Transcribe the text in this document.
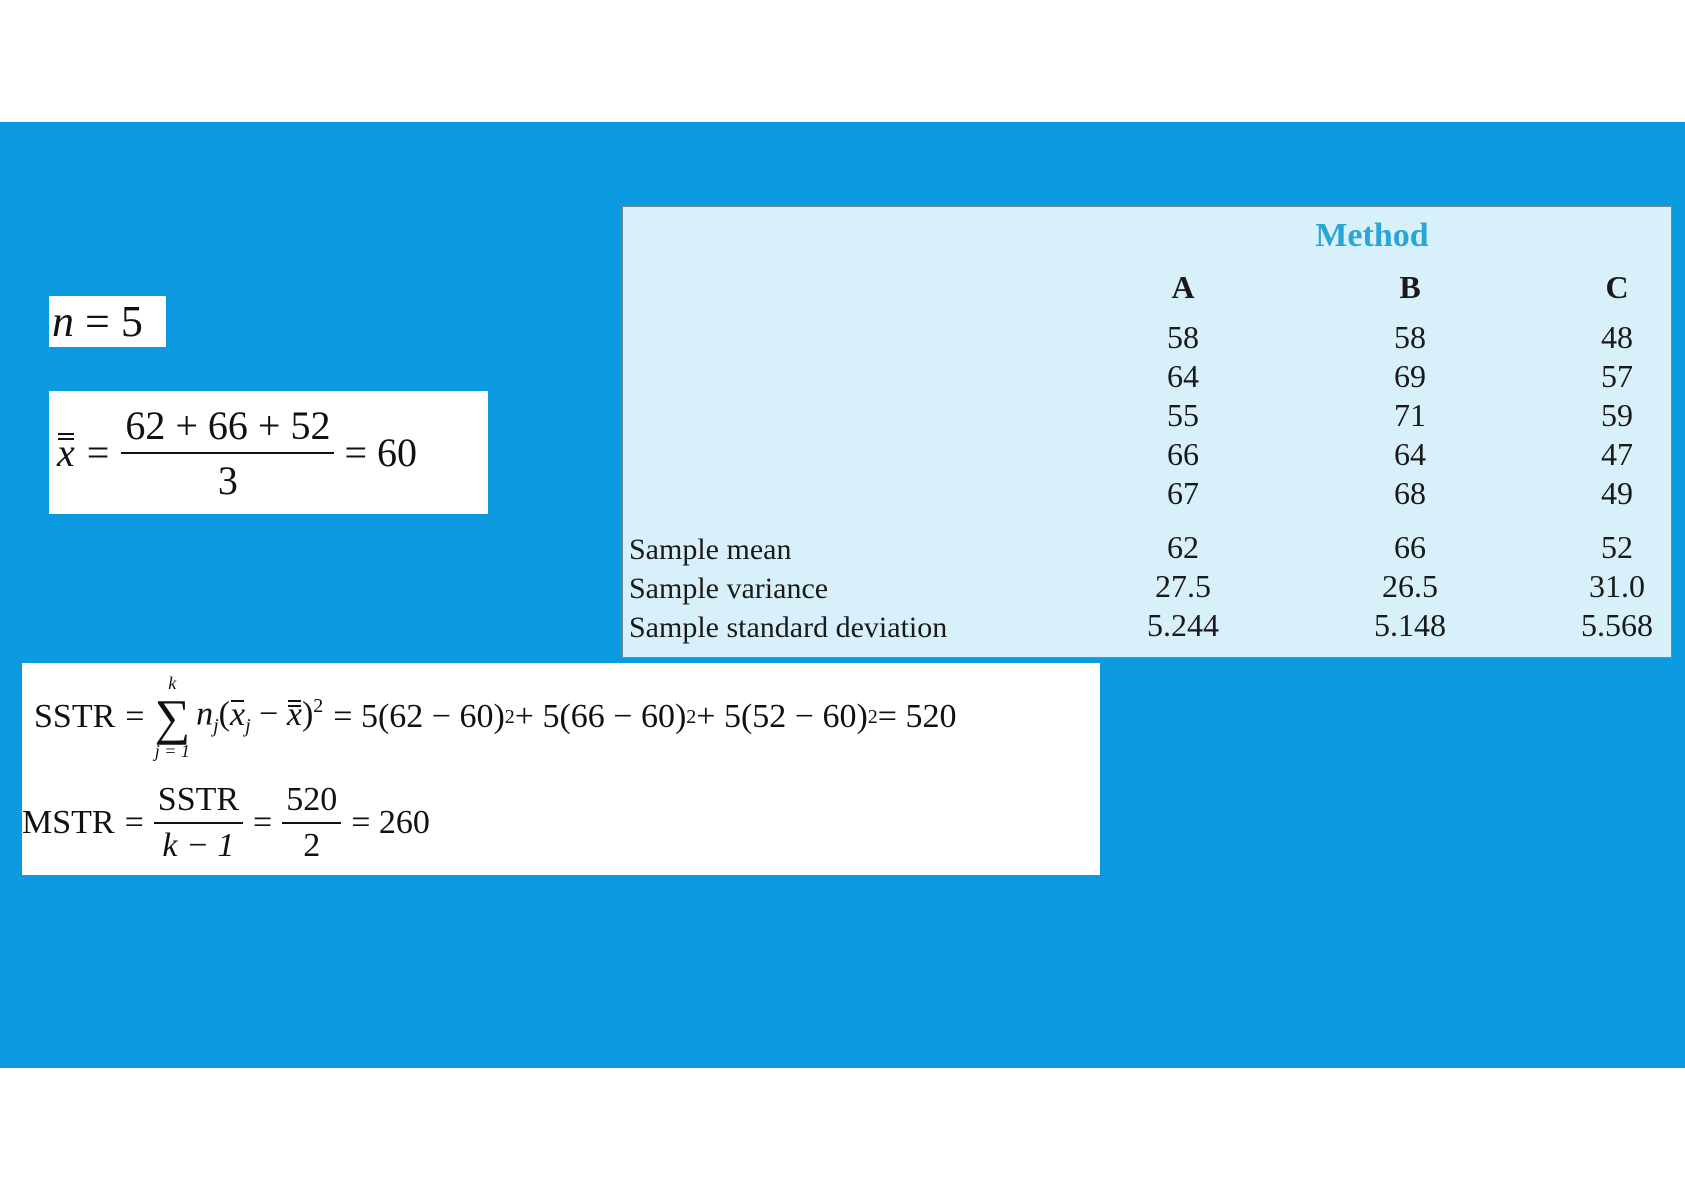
n = 5
$x = \frac{62 + 66 + 52}{3} = 60$
Method
A
58
64
55
66
67
62
27.5
5.244
B
58
69
71
64
68
66
26.5
5.148
C
48
57
59
47
49
52
31.0
5.568
Sample mean
Sample variance
Sample standard deviation
SSTR =
k
∑
j = 1
$n_j(x_j - x)^2 = 5(62 - 60) 2 + 5(66 - 60) 2 + 5(52 - 60) 2 = 520$
MSTR = $\frac{\text{SSTR}}{k - 1} = \frac{520}{2} = 260$
